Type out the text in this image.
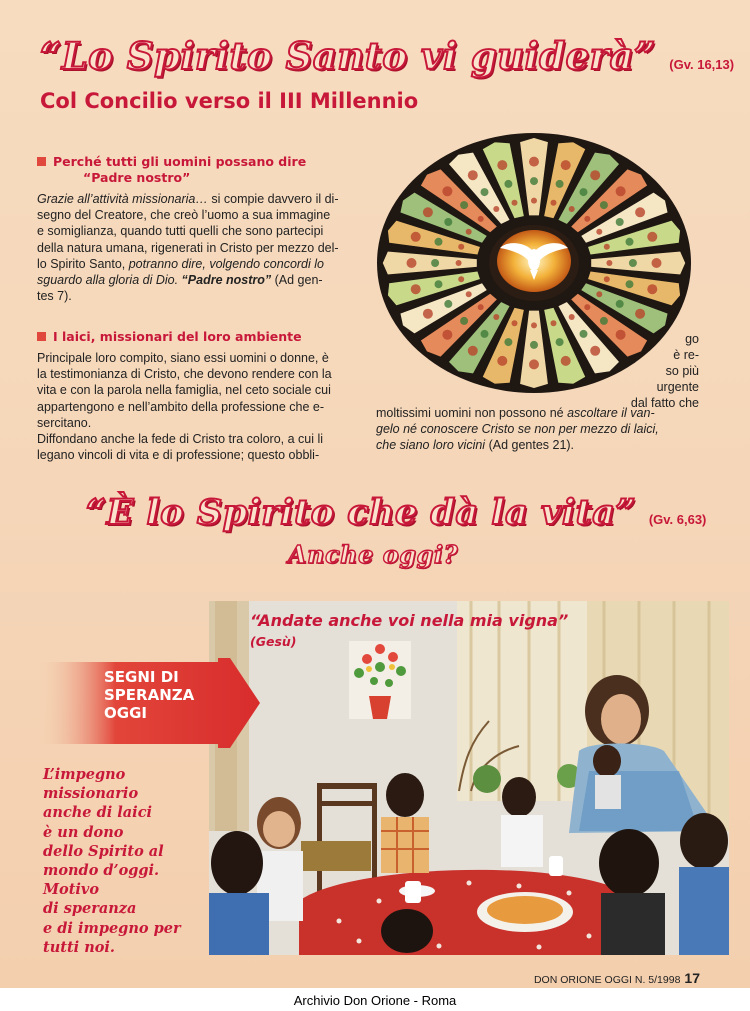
“Lo Spirito Santo vi guiderà” (Gv. 16,13)
Col Concilio verso il III Millennio
Perché tutti gli uomini possano dire
“Padre nostro”
Grazie all’attività missionaria… si compie davvero il di-
segno del Creatore, che creò l’uomo a sua immagine
e somiglianza, quando tutti quelli che sono partecipi
della natura umana, rigenerati in Cristo per mezzo del-
lo Spirito Santo, potranno dire, volgendo concordi lo
sguardo alla gloria di Dio. “Padre nostro” (Ad gen-
tes 7).
I laici, missionari del loro ambiente
Principale loro compito, siano essi uomini o donne, è
la testimonianza di Cristo, che devono rendere con la
vita e con la parola nella famiglia, nel ceto sociale cui
appartengono e nell’ambito della professione che e-
sercitano.
Diffondano anche la fede di Cristo tra coloro, a cui li
legano vincoli di vita e di professione; questo obbli-
go
è re-
so più
urgente
dal fatto che
moltissimi uomini non possono né ascoltare il van-
gelo né conoscere Cristo se non per mezzo di laici,
che siano loro vicini (Ad gentes 21).
“È lo Spirito che dà la vita” (Gv. 6,63)
Anche oggi?
“Andate anche voi nella mia vigna”
(Gesù)
SEGNI DI
SPERANZA
OGGI
L’impegno
missionario
anche di laici
è un dono
dello Spirito al
mondo d’oggi.
Motivo
di speranza
e di impegno per
tutti noi.
DON ORIONE OGGI N. 5/1998 17
Archivio Don Orione - Roma
